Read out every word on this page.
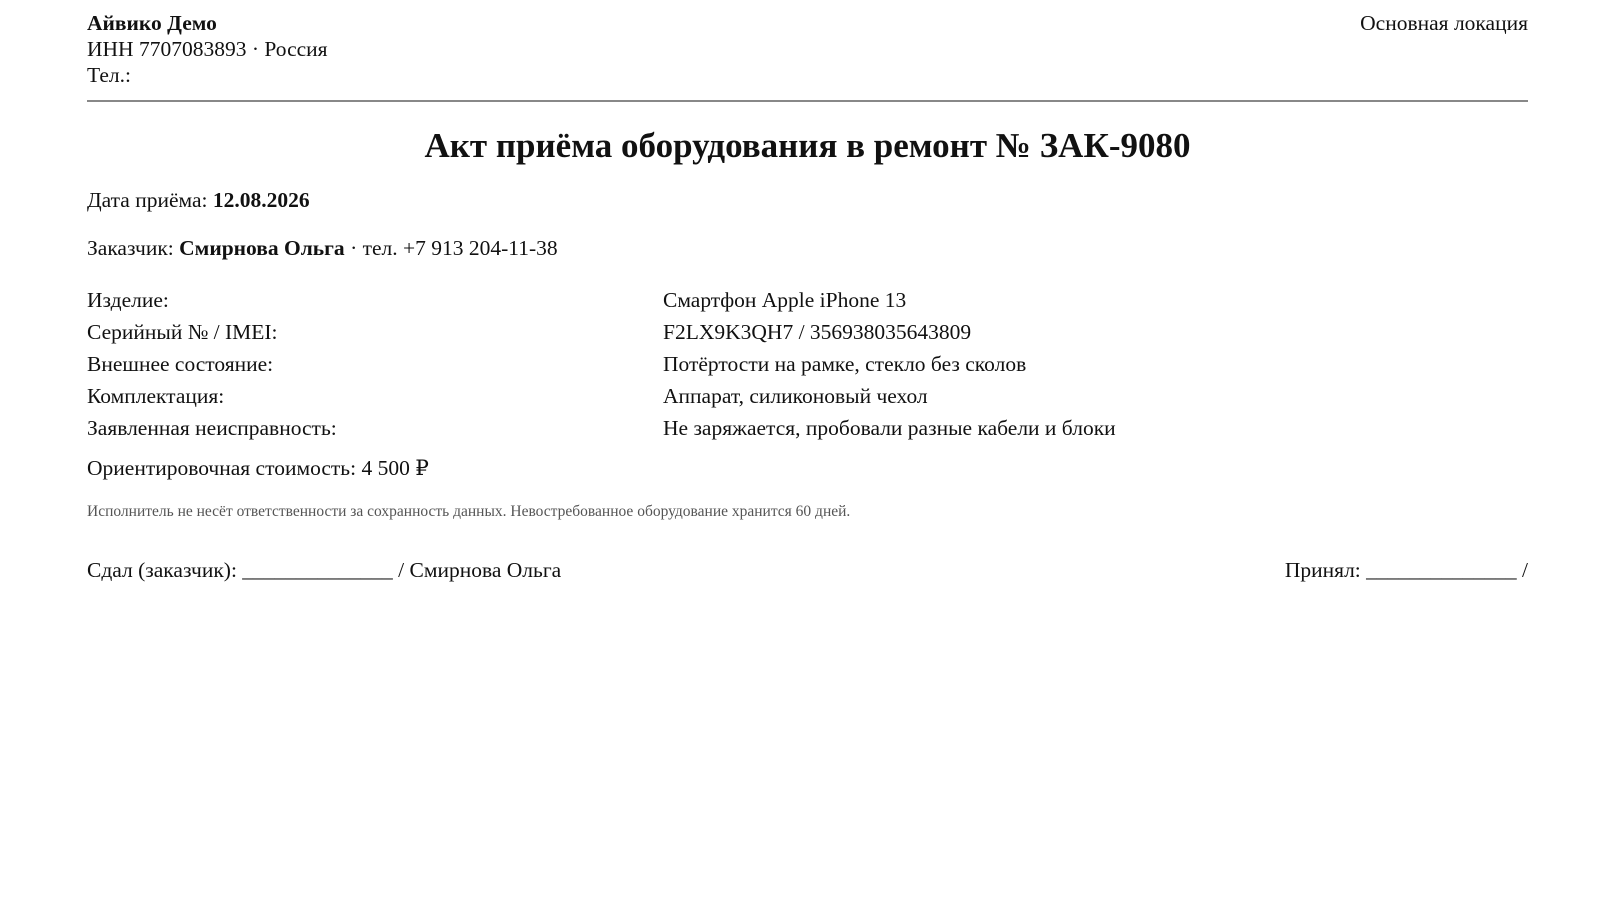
Айвико Демо
ИНН 7707083893 · Россия
Тел.:
Основная локация
Акт приёма оборудования в ремонт № ЗАК-9080
Дата приёма: 12.08.2026
Заказчик: Смирнова Ольга · тел. +7 913 204-11-38
Изделие:	Смартфон Apple iPhone 13
Серийный № / IMEI:	F2LX9K3QH7 / 356938035643809
Внешнее состояние:	Потёртости на рамке, стекло без сколов
Комплектация:	Аппарат, силиконовый чехол
Заявленная неисправность:	Не заряжается, пробовали разные кабели и блоки
Ориентировочная стоимость: 4 500 ₽
Исполнитель не несёт ответственности за сохранность данных. Невостребованное оборудование хранится 60 дней.
Сдал (заказчик): ______________ / Смирнова Ольга	Принял: ______________ /
